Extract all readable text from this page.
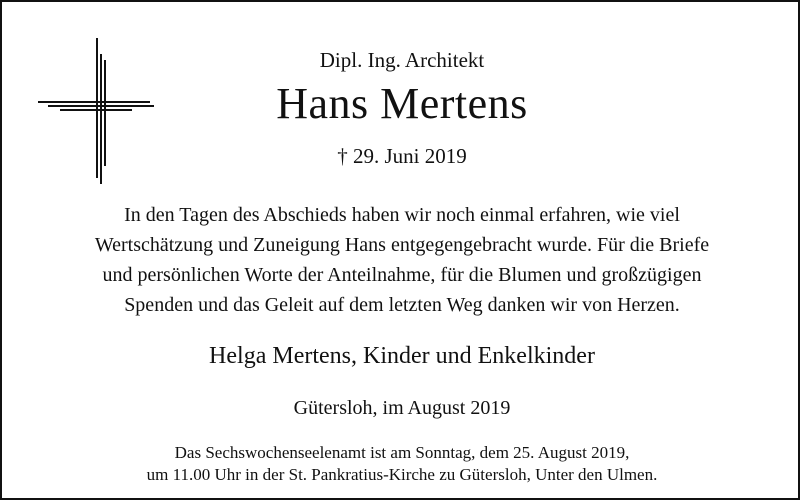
Dipl. Ing. Architekt
Hans Mertens
† 29. Juni 2019
In den Tagen des Abschieds haben wir noch einmal erfahren, wie viel
Wertschätzung und Zuneigung Hans entgegengebracht wurde. Für die Briefe
und persönlichen Worte der Anteilnahme, für die Blumen und großzügigen
Spenden und das Geleit auf dem letzten Weg danken wir von Herzen.
Helga Mertens, Kinder und Enkelkinder
Gütersloh, im August 2019
Das Sechswochenseelenamt ist am Sonntag, dem 25. August 2019,
um 11.00 Uhr in der St. Pankratius-Kirche zu Gütersloh, Unter den Ulmen.
